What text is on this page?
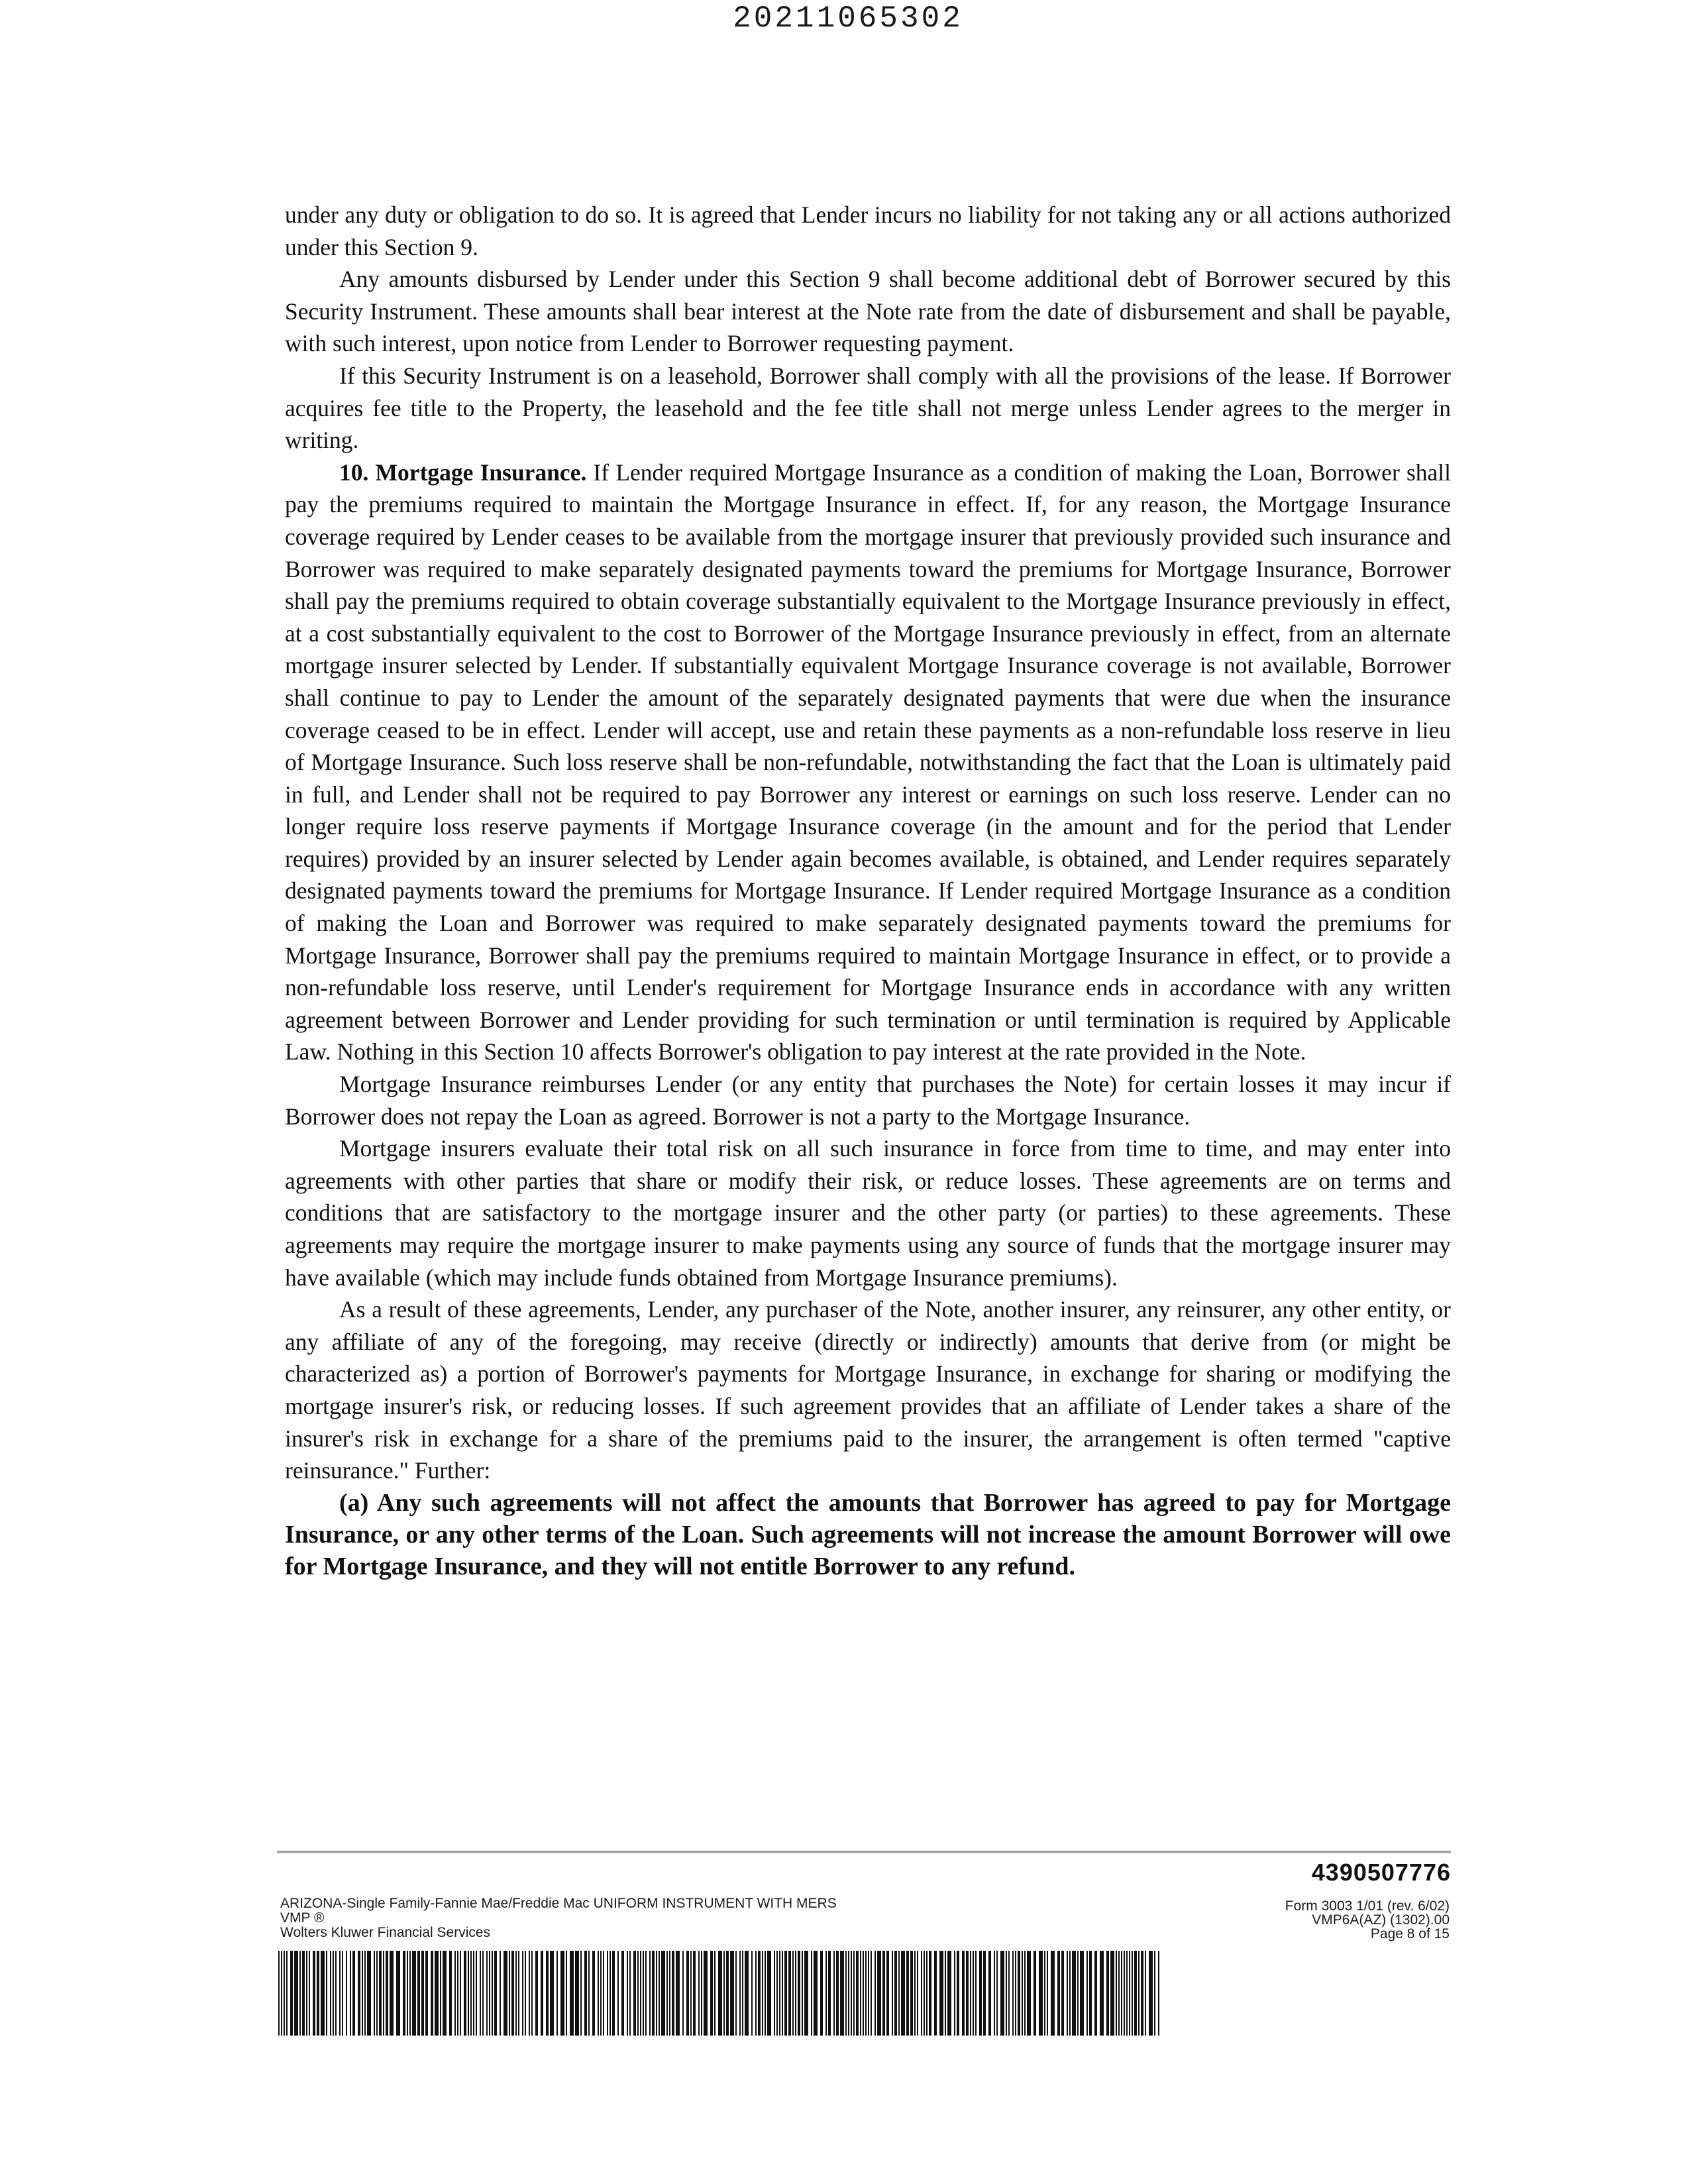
20211065302

under any duty or obligation to do so. It is agreed that Lender incurs no liability for not taking any or all actions authorized under this Section 9.

Any amounts disbursed by Lender under this Section 9 shall become additional debt of Borrower secured by this Security Instrument. These amounts shall bear interest at the Note rate from the date of disbursement and shall be payable, with such interest, upon notice from Lender to Borrower requesting payment.

If this Security Instrument is on a leasehold, Borrower shall comply with all the provisions of the lease. If Borrower acquires fee title to the Property, the leasehold and the fee title shall not merge unless Lender agrees to the merger in writing.

10. Mortgage Insurance. If Lender required Mortgage Insurance as a condition of making the Loan, Borrower shall pay the premiums required to maintain the Mortgage Insurance in effect. If, for any reason, the Mortgage Insurance coverage required by Lender ceases to be available from the mortgage insurer that previously provided such insurance and Borrower was required to make separately designated payments toward the premiums for Mortgage Insurance, Borrower shall pay the premiums required to obtain coverage substantially equivalent to the Mortgage Insurance previously in effect, at a cost substantially equivalent to the cost to Borrower of the Mortgage Insurance previously in effect, from an alternate mortgage insurer selected by Lender. If substantially equivalent Mortgage Insurance coverage is not available, Borrower shall continue to pay to Lender the amount of the separately designated payments that were due when the insurance coverage ceased to be in effect. Lender will accept, use and retain these payments as a non-refundable loss reserve in lieu of Mortgage Insurance. Such loss reserve shall be non-refundable, notwithstanding the fact that the Loan is ultimately paid in full, and Lender shall not be required to pay Borrower any interest or earnings on such loss reserve. Lender can no longer require loss reserve payments if Mortgage Insurance coverage (in the amount and for the period that Lender requires) provided by an insurer selected by Lender again becomes available, is obtained, and Lender requires separately designated payments toward the premiums for Mortgage Insurance. If Lender required Mortgage Insurance as a condition of making the Loan and Borrower was required to make separately designated payments toward the premiums for Mortgage Insurance, Borrower shall pay the premiums required to maintain Mortgage Insurance in effect, or to provide a non-refundable loss reserve, until Lender's requirement for Mortgage Insurance ends in accordance with any written agreement between Borrower and Lender providing for such termination or until termination is required by Applicable Law. Nothing in this Section 10 affects Borrower's obligation to pay interest at the rate provided in the Note.

Mortgage Insurance reimburses Lender (or any entity that purchases the Note) for certain losses it may incur if Borrower does not repay the Loan as agreed. Borrower is not a party to the Mortgage Insurance.

Mortgage insurers evaluate their total risk on all such insurance in force from time to time, and may enter into agreements with other parties that share or modify their risk, or reduce losses. These agreements are on terms and conditions that are satisfactory to the mortgage insurer and the other party (or parties) to these agreements. These agreements may require the mortgage insurer to make payments using any source of funds that the mortgage insurer may have available (which may include funds obtained from Mortgage Insurance premiums).

As a result of these agreements, Lender, any purchaser of the Note, another insurer, any reinsurer, any other entity, or any affiliate of any of the foregoing, may receive (directly or indirectly) amounts that derive from (or might be characterized as) a portion of Borrower's payments for Mortgage Insurance, in exchange for sharing or modifying the mortgage insurer's risk, or reducing losses. If such agreement provides that an affiliate of Lender takes a share of the insurer's risk in exchange for a share of the premiums paid to the insurer, the arrangement is often termed "captive reinsurance." Further:

(a) Any such agreements will not affect the amounts that Borrower has agreed to pay for Mortgage Insurance, or any other terms of the Loan. Such agreements will not increase the amount Borrower will owe for Mortgage Insurance, and they will not entitle Borrower to any refund.

4390507776
ARIZONA-Single Family-Fannie Mae/Freddie Mac UNIFORM INSTRUMENT WITH MERS
VMP ®
Wolters Kluwer Financial Services
Form 3003 1/01 (rev. 6/02)
VMP6A(AZ) (1302).00
Page 8 of 15
